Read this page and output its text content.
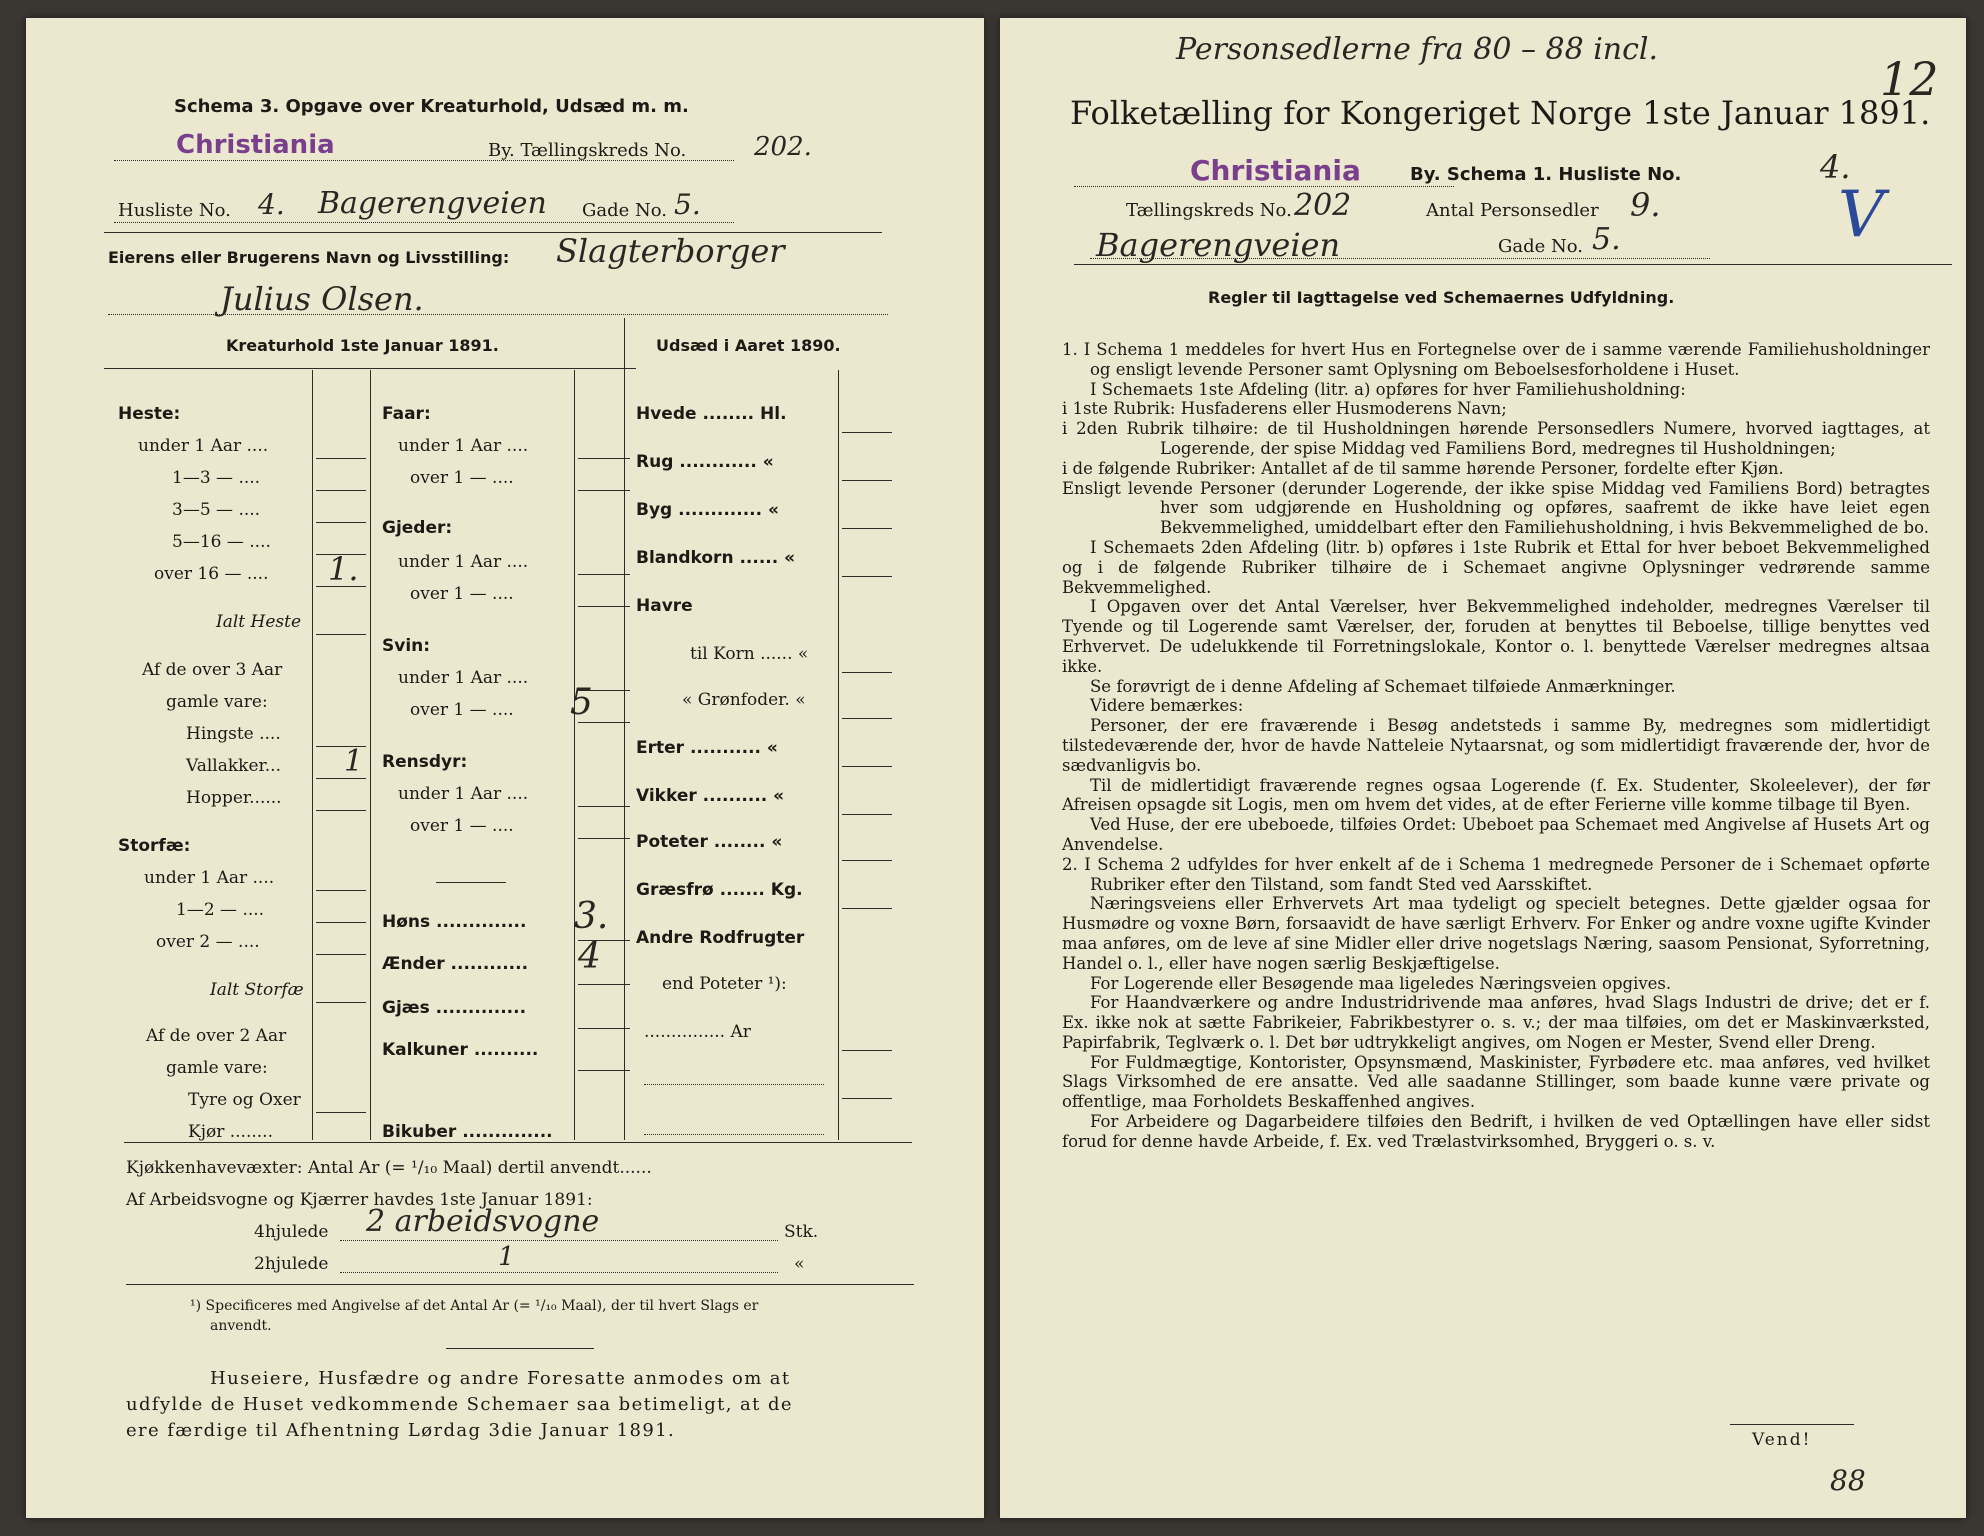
Schema 3. Opgave over Kreaturhold, Udsæd m. m.
Christiania	By. Tællingskreds No.	202.
Husliste No. 4. Bagerengveien Gade No. 5.
Eierens eller Brugerens Navn og Livsstilling: Slagterborger
Julius Olsen.
Kreaturhold 1ste Januar 1891.	Udsæd i Aaret 1890.
Heste:
under 1 Aar ....
1—3 — ....
3—5 — ....
5—16 — ....
over 16 — .... 1.
Ialt Heste
Af de over 3 Aar
gamle vare:
Hingste ....
Vallakker... 1
Hopper......
Storfæ:
under 1 Aar ....
1—2 — ....
over 2 — ....
Ialt Storfæ
Af de over 2 Aar
gamle vare:
Tyre og Oxer
Kjør ........
Faar:
under 1 Aar ....
over 1 — ....
Gjeder:
under 1 Aar ....
over 1 — ....
Svin:
under 1 Aar ....
over 1 — .... 5
Rensdyr:
under 1 Aar ....
over 1 — ....
Høns .............. 3.
Ænder ............ 4
Gjæs ..............
Kalkuner ..........
Bikuber ..............
Hvede ........ Hl.
Rug ............ «
Byg ............. «
Blandkorn ...... «
Havre
til Korn ...... «
« Grønfoder. «
Erter ........... «
Vikker .......... «
Poteter ........ «
Græsfrø ....... Kg.
Andre Rodfrugter
end Poteter ¹):
............... Ar
Kjøkkenhavevæxter: Antal Ar (= ¹/₁₀ Maal) dertil anvendt......
Af Arbeidsvogne og Kjærrer havdes 1ste Januar 1891:
4hjulede 2 arbeidsvogne	Stk.
2hjulede	1	«
¹) Specificeres med Angivelse af det Antal Ar (= ¹/₁₀ Maal), der til hvert Slags er
anvendt.
Huseiere, Husfædre og andre Foresatte anmodes om at
udfylde de Huset vedkommende Schemaer saa betimeligt, at de
ere færdige til Afhentning Lørdag 3die Januar 1891.
Personsedlerne fra 80 – 88 incl.
12
Folketælling for Kongeriget Norge 1ste Januar 1891.
Christiania	By. Schema 1. Husliste No.	4.
Tællingskreds No. 202	Antal Personsedler 9.	V
Bagerengveien	Gade No. 5.
Regler til Iagttagelse ved Schemaernes Udfyldning.

1. I Schema 1 meddeles for hvert Hus en Fortegnelse over de i samme værende Familiehusholdninger og ensligt levende Personer samt Oplysning om Beboelsesforholdene i Huset.

I Schemaets 1ste Afdeling (litr. a) opføres for hver Familiehusholdning:

i 1ste Rubrik: Husfaderens eller Husmoderens Navn;

i 2den Rubrik tilhøire: de til Husholdningen hørende Personsedlers Numere, hvorved iagttages, at Logerende, der spise Middag ved Familiens Bord, medregnes til Husholdningen;

i de følgende Rubriker: Antallet af de til samme hørende Personer, fordelte efter Kjøn.

Ensligt levende Personer (derunder Logerende, der ikke spise Middag ved Familiens Bord) betragtes hver som udgjørende en Husholdning og opføres, saafremt de ikke have leiet egen Bekvemmelighed, umiddelbart efter den Familiehusholdning, i hvis Bekvemmelighed de bo.

I Schemaets 2den Afdeling (litr. b) opføres i 1ste Rubrik et Ettal for hver beboet Bekvemmelighed og i de følgende Rubriker tilhøire de i Schemaet angivne Oplysninger vedrørende samme Bekvemmelighed.

I Opgaven over det Antal Værelser, hver Bekvemmelighed indeholder, medregnes Værelser til Tyende og til Logerende samt Værelser, der, foruden at benyttes til Beboelse, tillige benyttes ved Erhvervet. De udelukkende til Forretningslokale, Kontor o. l. benyttede Værelser medregnes altsaa ikke.

Se forøvrigt de i denne Afdeling af Schemaet tilføiede Anmærkninger.

Videre bemærkes:

Personer, der ere fraværende i Besøg andetsteds i samme By, medregnes som midlertidigt tilstedeværende der, hvor de havde Natteleie Nytaarsnat, og som midlertidigt fraværende der, hvor de sædvanligvis bo.

Til de midlertidigt fraværende regnes ogsaa Logerende (f. Ex. Studenter, Skoleelever), der før Afreisen opsagde sit Logis, men om hvem det vides, at de efter Ferierne ville komme tilbage til Byen.

Ved Huse, der ere ubeboede, tilføies Ordet: Ubeboet paa Schemaet med Angivelse af Husets Art og Anvendelse.

2. I Schema 2 udfyldes for hver enkelt af de i Schema 1 medregnede Personer de i Schemaet opførte Rubriker efter den Tilstand, som fandt Sted ved Aarsskiftet.

Næringsveiens eller Erhvervets Art maa tydeligt og specielt betegnes. Dette gjælder ogsaa for Husmødre og voxne Børn, forsaavidt de have særligt Erhverv. For Enker og andre voxne ugifte Kvinder maa anføres, om de leve af sine Midler eller drive nogetslags Næring, saasom Pensionat, Syforretning, Handel o. l., eller have nogen særlig Beskjæftigelse.

For Logerende eller Besøgende maa ligeledes Næringsveien opgives.

For Haandværkere og andre Industridrivende maa anføres, hvad Slags Industri de drive; det er f. Ex. ikke nok at sætte Fabrikeier, Fabrikbestyrer o. s. v.; der maa tilføies, om det er Maskinværksted, Papirfabrik, Teglværk o. l. Det bør udtrykkeligt angives, om Nogen er Mester, Svend eller Dreng.

For Fuldmægtige, Kontorister, Opsynsmænd, Maskinister, Fyrbødere etc. maa anføres, ved hvilket Slags Virksomhed de ere ansatte. Ved alle saadanne Stillinger, som baade kunne være private og offentlige, maa Forholdets Beskaffenhed angives.

For Arbeidere og Dagarbeidere tilføies den Bedrift, i hvilken de ved Optællingen have eller sidst forud for denne havde Arbeide, f. Ex. ved Trælastvirksomhed, Bryggeri o. s. v.

Vend!
88
